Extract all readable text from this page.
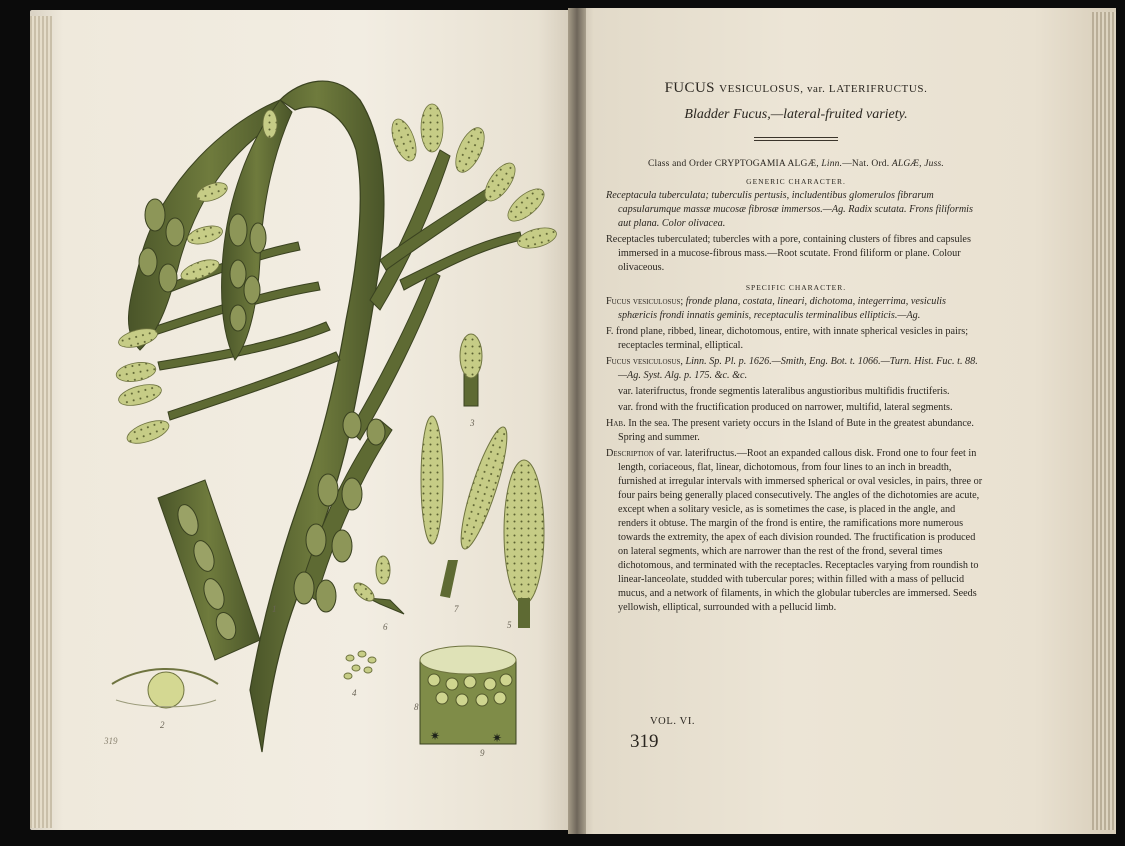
✷	✷
1
2
3
4
5
6
7
8
9
319

FUCUS VESICULOSUS, var. LATERIFRUCTUS.

Bladder Fucus,—lateral-fruited variety.

Class and Order CRYPTOGAMIA ALGÆ, Linn.—Nat. Ord. ALGÆ, Juss.

GENERIC CHARACTER.

Receptacula tuberculata; tuberculis pertusis, includentibus glomerulos fibrarum capsularumque massæ mucosæ fibrosæ immersos.—Ag. Radix scutata. Frons filiformis aut plana. Color olivacea.

Receptacles tuberculated; tubercles with a pore, containing clusters of fibres and capsules immersed in a mucose-fibrous mass.—Root scutate. Frond filiform or plane. Colour olivaceous.

SPECIFIC CHARACTER.

Fucus vesiculosus; fronde plana, costata, lineari, dichotoma, integerrima, vesiculis sphæricis frondi innatis geminis, receptaculis terminalibus ellipticis.—Ag.

F. frond plane, ribbed, linear, dichotomous, entire, with innate spherical vesicles in pairs; receptacles terminal, elliptical.

Fucus vesiculosus, Linn. Sp. Pl. p. 1626.—Smith, Eng. Bot. t. 1066.—Turn. Hist. Fuc. t. 88.—Ag. Syst. Alg. p. 175. &c. &c.

var. laterifructus, fronde segmentis lateralibus angustioribus multifidis fructiferis.

var. frond with the fructification produced on narrower, multifid, lateral segments.

Hab. In the sea. The present variety occurs in the Island of Bute in the greatest abundance. Spring and summer.

Description of var. laterifructus.—Root an expanded callous disk. Frond one to four feet in length, coriaceous, flat, linear, dichotomous, from four lines to an inch in breadth, furnished at irregular intervals with immersed spherical or oval vesicles, in pairs, three or four pairs being generally placed consecutively. The angles of the dichotomies are acute, except when a solitary vesicle, as is sometimes the case, is placed in the angle, and renders it obtuse. The margin of the frond is entire, the ramifications more numerous towards the extremity, the apex of each division rounded. The fructification is produced on lateral segments, which are narrower than the rest of the frond, several times dichotomous, and terminated with the receptacles. Receptacles varying from roundish to linear-lanceolate, studded with tubercular pores; within filled with a mass of pellucid mucus, and a network of filaments, in which the globular tubercles are immersed. Seeds yellowish, elliptical, surrounded with a pellucid limb.

VOL. VI.
319
